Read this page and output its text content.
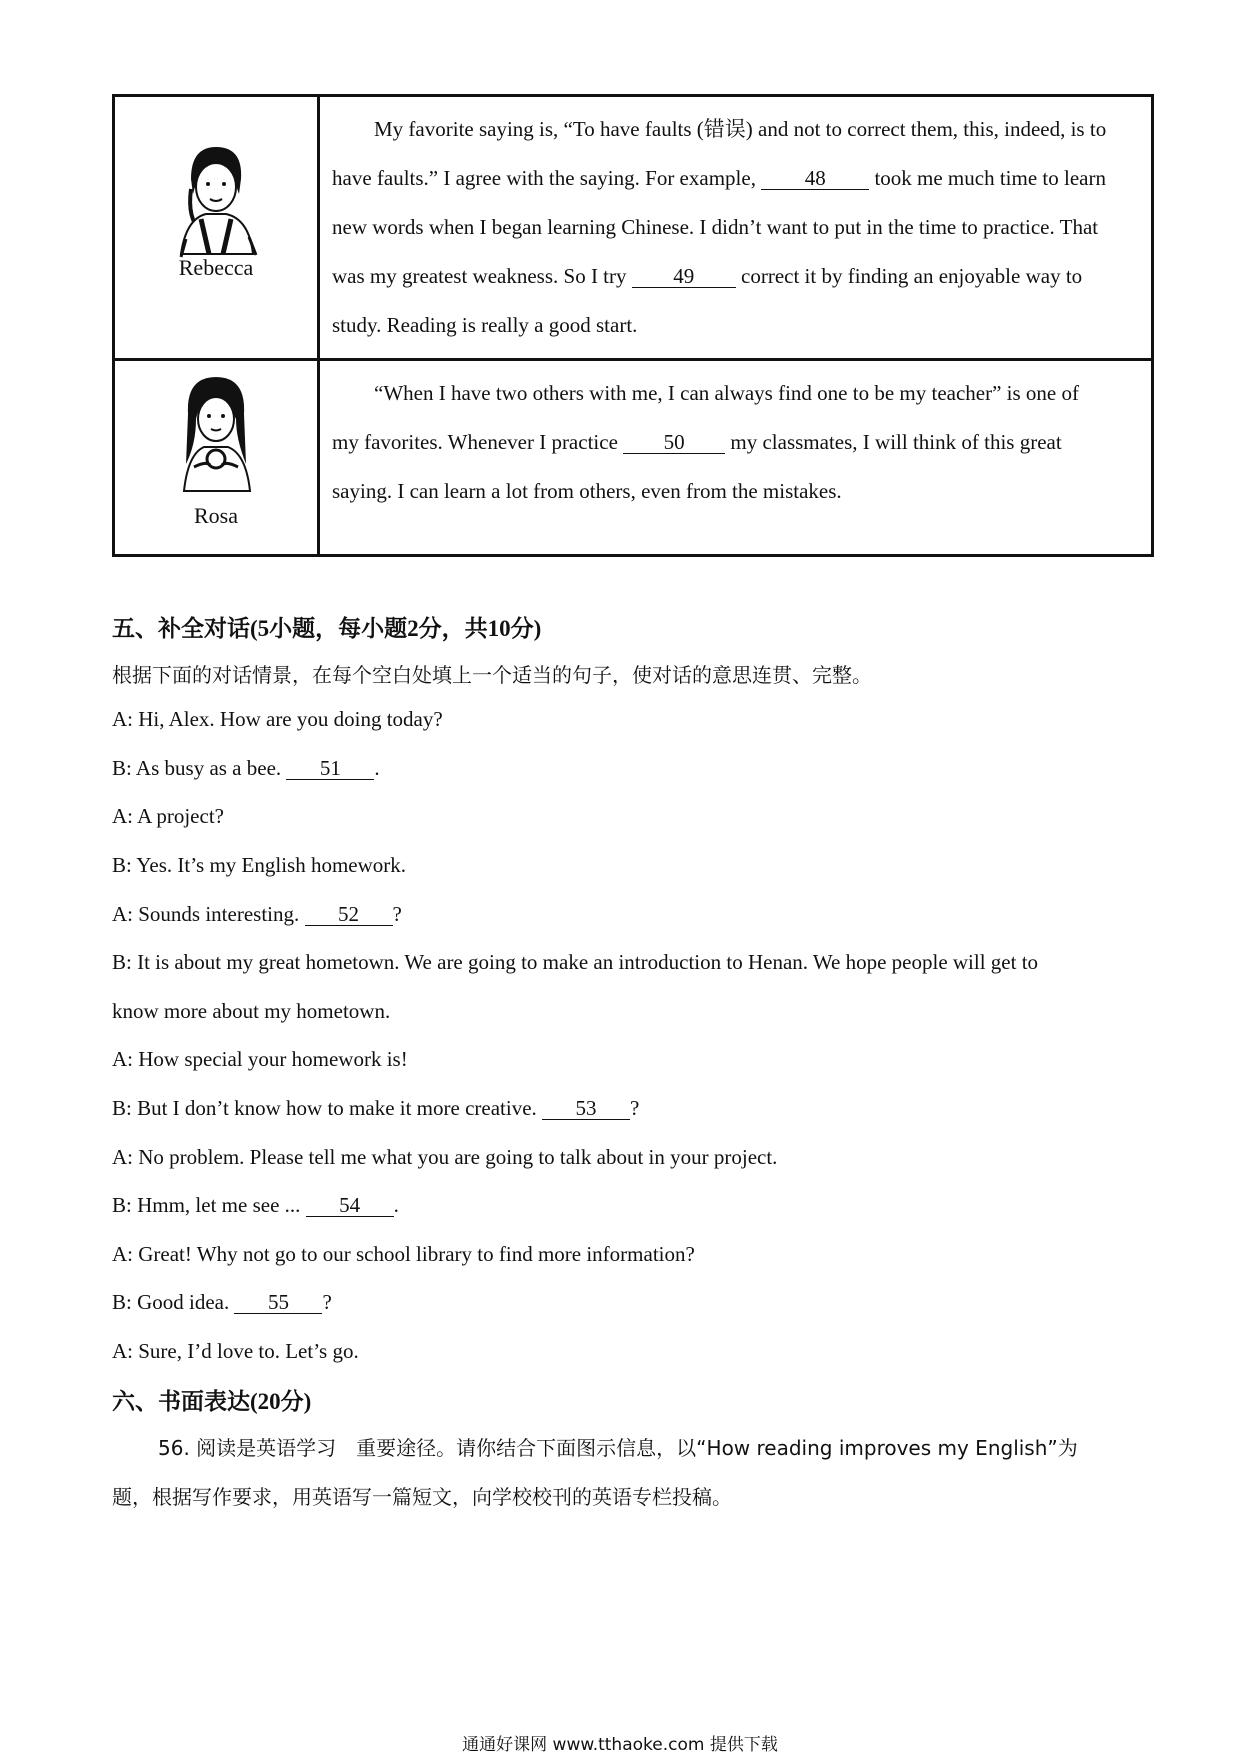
Rebecca
My favorite saying is, “To have faults (错误) and not to correct them, this, indeed, is to
have faults.” I agree with the saying. For example, 48 took me much time to learn
new words when I began learning Chinese. I didn’t want to put in the time to practice. That
was my greatest weakness. So I try 49 correct it by finding an enjoyable way to
study. Reading is really a good start.
Rosa
“When I have two others with me, I can always find one to be my teacher” is one of
my favorites. Whenever I practice 50 my classmates, I will think of this great
saying. I can learn a lot from others, even from the mistakes.
五、补全对话(5小题，每小题2分，共10分)
根据下面的对话情景，在每个空白处填上一个适当的句子，使对话的意思连贯、完整。
A: Hi, Alex. How are you doing today?
B: As busy as a bee. 51 .
A: A project?
B: Yes. It’s my English homework.
A: Sounds interesting. 52 ?
B: It is about my great hometown. We are going to make an introduction to Henan. We hope people will get to
know more about my hometown.
A: How special your homework is!
B: But I don’t know how to make it more creative. 53 ?
A: No problem. Please tell me what you are going to talk about in your project.
B: Hmm, let me see ... 54 .
A: Great! Why not go to our school library to find more information?
B: Good idea. 55 ?
A: Sure, I’d love to. Let’s go.
六、书面表达(20分)
56. 阅读是英语学习　重要途径。请你结合下面图示信息，以“How reading improves my English”为
题，根据写作要求，用英语写一篇短文，向学校校刊的英语专栏投稿。
通通好课网 www.tthaoke.com 提供下载
